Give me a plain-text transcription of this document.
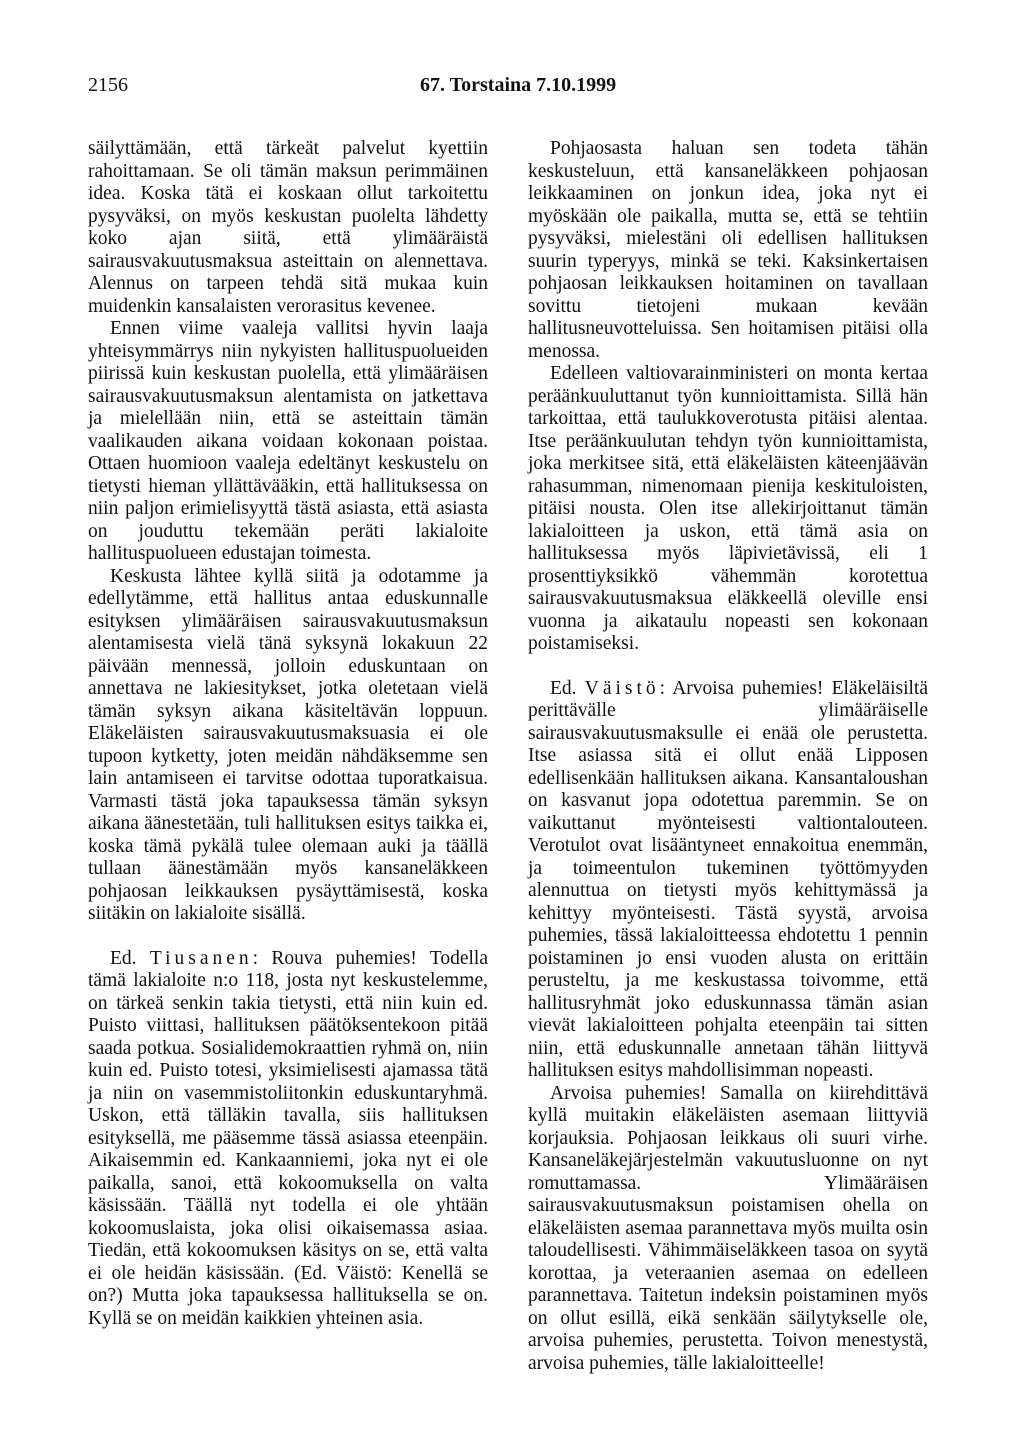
2156	67. Torstaina 7.10.1999

säilyttämään, että tärkeät palvelut kyettiin rahoittamaan. Se oli tämän maksun perimmäinen idea. Koska tätä ei koskaan ollut tarkoitettu pysyväksi, on myös keskustan puolelta lähdetty koko ajan siitä, että ylimääräistä sairausvakuutusmaksua asteittain on alennettava. Alennus on tarpeen tehdä sitä mukaa kuin muidenkin kansalaisten verorasitus kevenee.

Ennen viime vaaleja vallitsi hyvin laaja yhteisymmärrys niin nykyisten hallituspuolueiden piirissä kuin keskustan puolella, että ylimääräisen sairausvakuutusmaksun alentamista on jatkettava ja mielellään niin, että se asteittain tämän vaalikauden aikana voidaan kokonaan poistaa. Ottaen huomioon vaaleja edeltänyt keskustelu on tietysti hieman yllättävääkin, että hallituksessa on niin paljon erimielisyyttä tästä asiasta, että asiasta on jouduttu tekemään peräti lakialoite hallituspuolueen edustajan toimesta.

Keskusta lähtee kyllä siitä ja odotamme ja edellytämme, että hallitus antaa eduskunnalle esityksen ylimääräisen sairausvakuutusmaksun alentamisesta vielä tänä syksynä lokakuun 22 päivään mennessä, jolloin eduskuntaan on annettava ne lakiesitykset, jotka oletetaan vielä tämän syksyn aikana käsiteltävän loppuun. Eläkeläisten sairausvakuutusmaksuasia ei ole tupoon kytketty, joten meidän nähdäksemme sen lain antamiseen ei tarvitse odottaa tuporatkaisua. Varmasti tästä joka tapauksessa tämän syksyn aikana äänestetään, tuli hallituksen esitys taikka ei, koska tämä pykälä tulee olemaan auki ja täällä tullaan äänestämään myös kansaneläkkeen pohjaosan leikkauksen pysäyttämisestä, koska siitäkin on lakialoite sisällä.

Ed. Tiusanen: Rouva puhemies! Todella tämä lakialoite n:o 118, josta nyt keskustelemme, on tärkeä senkin takia tietysti, että niin kuin ed. Puisto viittasi, hallituksen päätöksentekoon pitää saada potkua. Sosialidemokraattien ryhmä on, niin kuin ed. Puisto totesi, yksimielisesti ajamassa tätä ja niin on vasemmistoliitonkin eduskuntaryhmä. Uskon, että tälläkin tavalla, siis hallituksen esityksellä, me pääsemme tässä asiassa eteenpäin. Aikaisemmin ed. Kankaanniemi, joka nyt ei ole paikalla, sanoi, että kokoomuksella on valta käsissään. Täällä nyt todella ei ole yhtään kokoomuslaista, joka olisi oikaisemassa asiaa. Tiedän, että kokoomuksen käsitys on se, että valta ei ole heidän käsissään. (Ed. Väistö: Kenellä se on?) Mutta joka tapauksessa hallituksella se on. Kyllä se on meidän kaikkien yhteinen asia.

Pohjaosasta haluan sen todeta tähän keskusteluun, että kansaneläkkeen pohjaosan leikkaaminen on jonkun idea, joka nyt ei myöskään ole paikalla, mutta se, että se tehtiin pysyväksi, mielestäni oli edellisen hallituksen suurin typeryys, minkä se teki. Kaksinkertaisen pohjaosan leikkauksen hoitaminen on tavallaan sovittu tietojeni mukaan kevään hallitusneuvotteluissa. Sen hoitamisen pitäisi olla menossa.

Edelleen valtiovarainministeri on monta kertaa peräänkuuluttanut työn kunnioittamista. Sillä hän tarkoittaa, että taulukkoverotusta pitäisi alentaa. Itse peräänkuulutan tehdyn työn kunnioittamista, joka merkitsee sitä, että eläkeläisten käteenjäävän rahasumman, nimenomaan pienija keskituloisten, pitäisi nousta. Olen itse allekirjoittanut tämän lakialoitteen ja uskon, että tämä asia on hallituksessa myös läpivietävissä, eli 1 prosenttiyksikkö vähemmän korotettua sairausvakuutusmaksua eläkkeellä oleville ensi vuonna ja aikataulu nopeasti sen kokonaan poistamiseksi.

Ed. Väistö: Arvoisa puhemies! Eläkeläisiltä perittävälle ylimääräiselle sairausvakuutusmaksulle ei enää ole perustetta. Itse asiassa sitä ei ollut enää Lipposen edellisenkään hallituksen aikana. Kansantaloushan on kasvanut jopa odotettua paremmin. Se on vaikuttanut myönteisesti valtiontalouteen. Verotulot ovat lisääntyneet ennakoitua enemmän, ja toimeentulon tukeminen työttömyyden alennuttua on tietysti myös kehittymässä ja kehittyy myönteisesti. Tästä syystä, arvoisa puhemies, tässä lakialoitteessa ehdotettu 1 pennin poistaminen jo ensi vuoden alusta on erittäin perusteltu, ja me keskustassa toivomme, että hallitusryhmät joko eduskunnassa tämän asian vievät lakialoitteen pohjalta eteenpäin tai sitten niin, että eduskunnalle annetaan tähän liittyvä hallituksen esitys mahdollisimman nopeasti.

Arvoisa puhemies! Samalla on kiirehdittävä kyllä muitakin eläkeläisten asemaan liittyviä korjauksia. Pohjaosan leikkaus oli suuri virhe. Kansaneläkejärjestelmän vakuutusluonne on nyt romuttamassa. Ylimääräisen sairausvakuutusmaksun poistamisen ohella on eläkeläisten asemaa parannettava myös muilta osin taloudellisesti. Vähimmäiseläkkeen tasoa on syytä korottaa, ja veteraanien asemaa on edelleen parannettava. Taitetun indeksin poistaminen myös on ollut esillä, eikä senkään säilytykselle ole, arvoisa puhemies, perustetta. Toivon menestystä, arvoisa puhemies, tälle lakialoitteelle!
